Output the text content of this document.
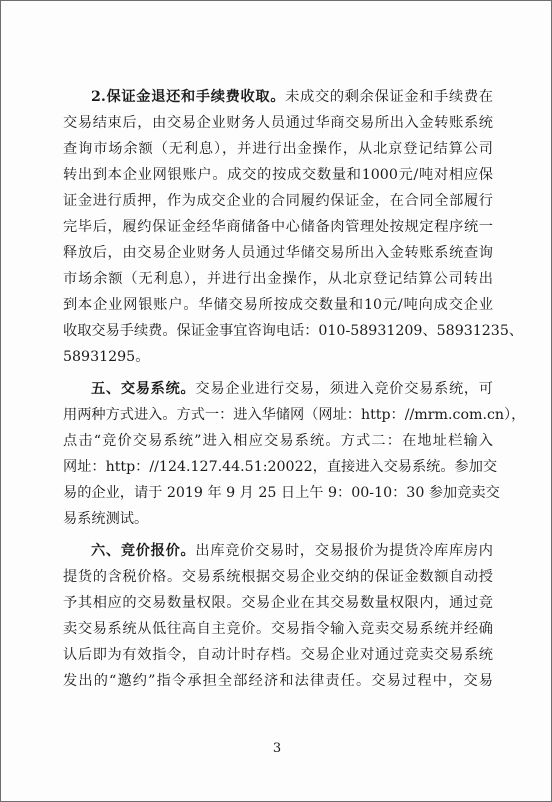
2.保证金退还和手续费收取。未成交的剩余保证金和手续费在
交易结束后，由交易企业财务人员通过华商交易所出入金转账系统
查询市场余额（无利息），并进行出金操作，从北京登记结算公司
转出到本企业网银账户。成交的按成交数量和1000元/吨对相应保
证金进行质押，作为成交企业的合同履约保证金，在合同全部履行
完毕后，履约保证金经华商储备中心储备肉管理处按规定程序统一
释放后，由交易企业财务人员通过华储交易所出入金转账系统查询
市场余额（无利息），并进行出金操作，从北京登记结算公司转出
到本企业网银账户。华储交易所按成交数量和10元/吨向成交企业
收取交易手续费。保证金事宜咨询电话：010-58931209、58931235、
58931295。
五、交易系统。交易企业进行交易，须进入竞价交易系统，可
用两种方式进入。方式一：进入华储网（网址：http：//mrm.com.cn），
点击“竞价交易系统”进入相应交易系统。方式二：在地址栏输入
网址：http：//124.127.44.51:20022，直接进入交易系统。参加交
易的企业，请于 2019 年 9 月 25 日上午 9：00-10：30 参加竞卖交
易系统测试。
六、竞价报价。出库竞价交易时，交易报价为提货冷库库房内
提货的含税价格。交易系统根据交易企业交纳的保证金数额自动授
予其相应的交易数量权限。交易企业在其交易数量权限内，通过竞
卖交易系统从低往高自主竞价。交易指令输入竞卖交易系统并经确
认后即为有效指令，自动计时存档。交易企业对通过竞卖交易系统
发出的“邀约”指令承担全部经济和法律责任。交易过程中，交易
3
